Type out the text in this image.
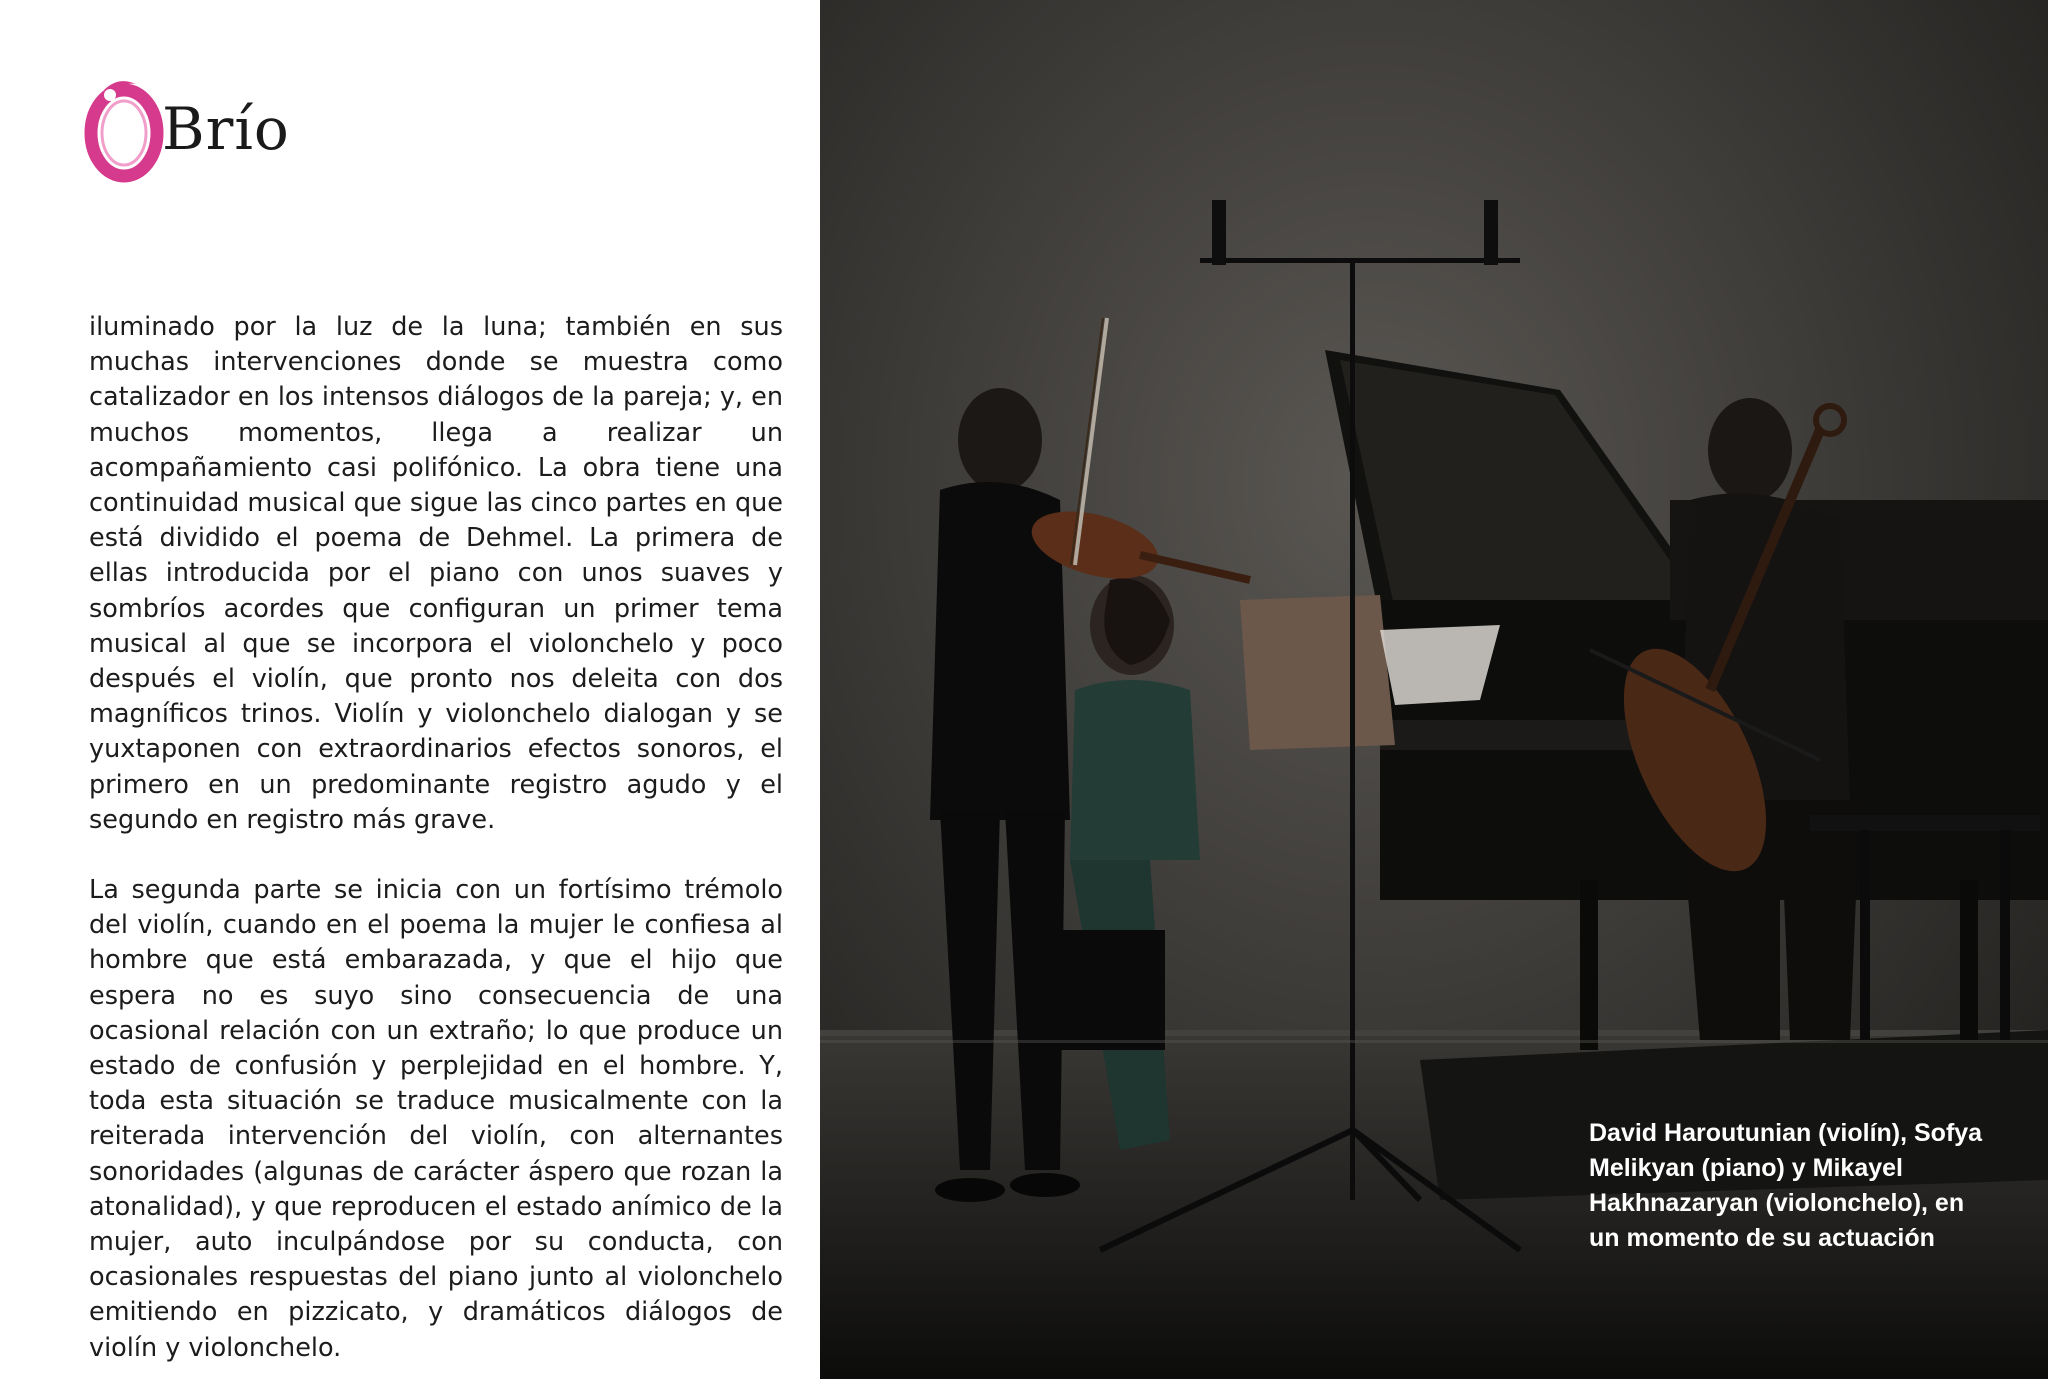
Brío

iluminado por la luz de la luna; también en sus muchas intervenciones donde se muestra como catalizador en los intensos diálogos de la pareja; y, en muchos momentos, llega a realizar un acompañamiento casi polifónico. La obra tiene una continuidad musical que sigue las cinco partes en que está dividido el poema de Dehmel. La primera de ellas introducida por el piano con unos suaves y sombríos acordes que configuran un primer tema musical al que se incorpora el violonchelo y poco después el violín, que pronto nos deleita con dos magníficos trinos. Violín y violonchelo dialogan y se yuxtaponen con extraordinarios efectos sonoros, el primero en un predominante registro agudo y el segundo en registro más grave.

La segunda parte se inicia con un fortísimo trémolo del violín, cuando en el poema la mujer le confiesa al hombre que está embarazada, y que el hijo que espera no es suyo sino consecuencia de una ocasional relación con un extraño; lo que produce un estado de confusión y perplejidad en el hombre. Y, toda esta situación se traduce musicalmente con la reiterada intervención del violín, con alternantes sonoridades (algunas de carácter áspero que rozan la atonalidad), y que reproducen el estado anímico de la mujer, auto inculpándose por su conducta, con ocasionales respuestas del piano junto al violonchelo emitiendo en pizzicato, y dramáticos diálogos de violín y violonchelo.

David Haroutunian (violín), Sofya Melikyan (piano) y Mikayel Hakhnazaryan (violonchelo), en un momento de su actuación
